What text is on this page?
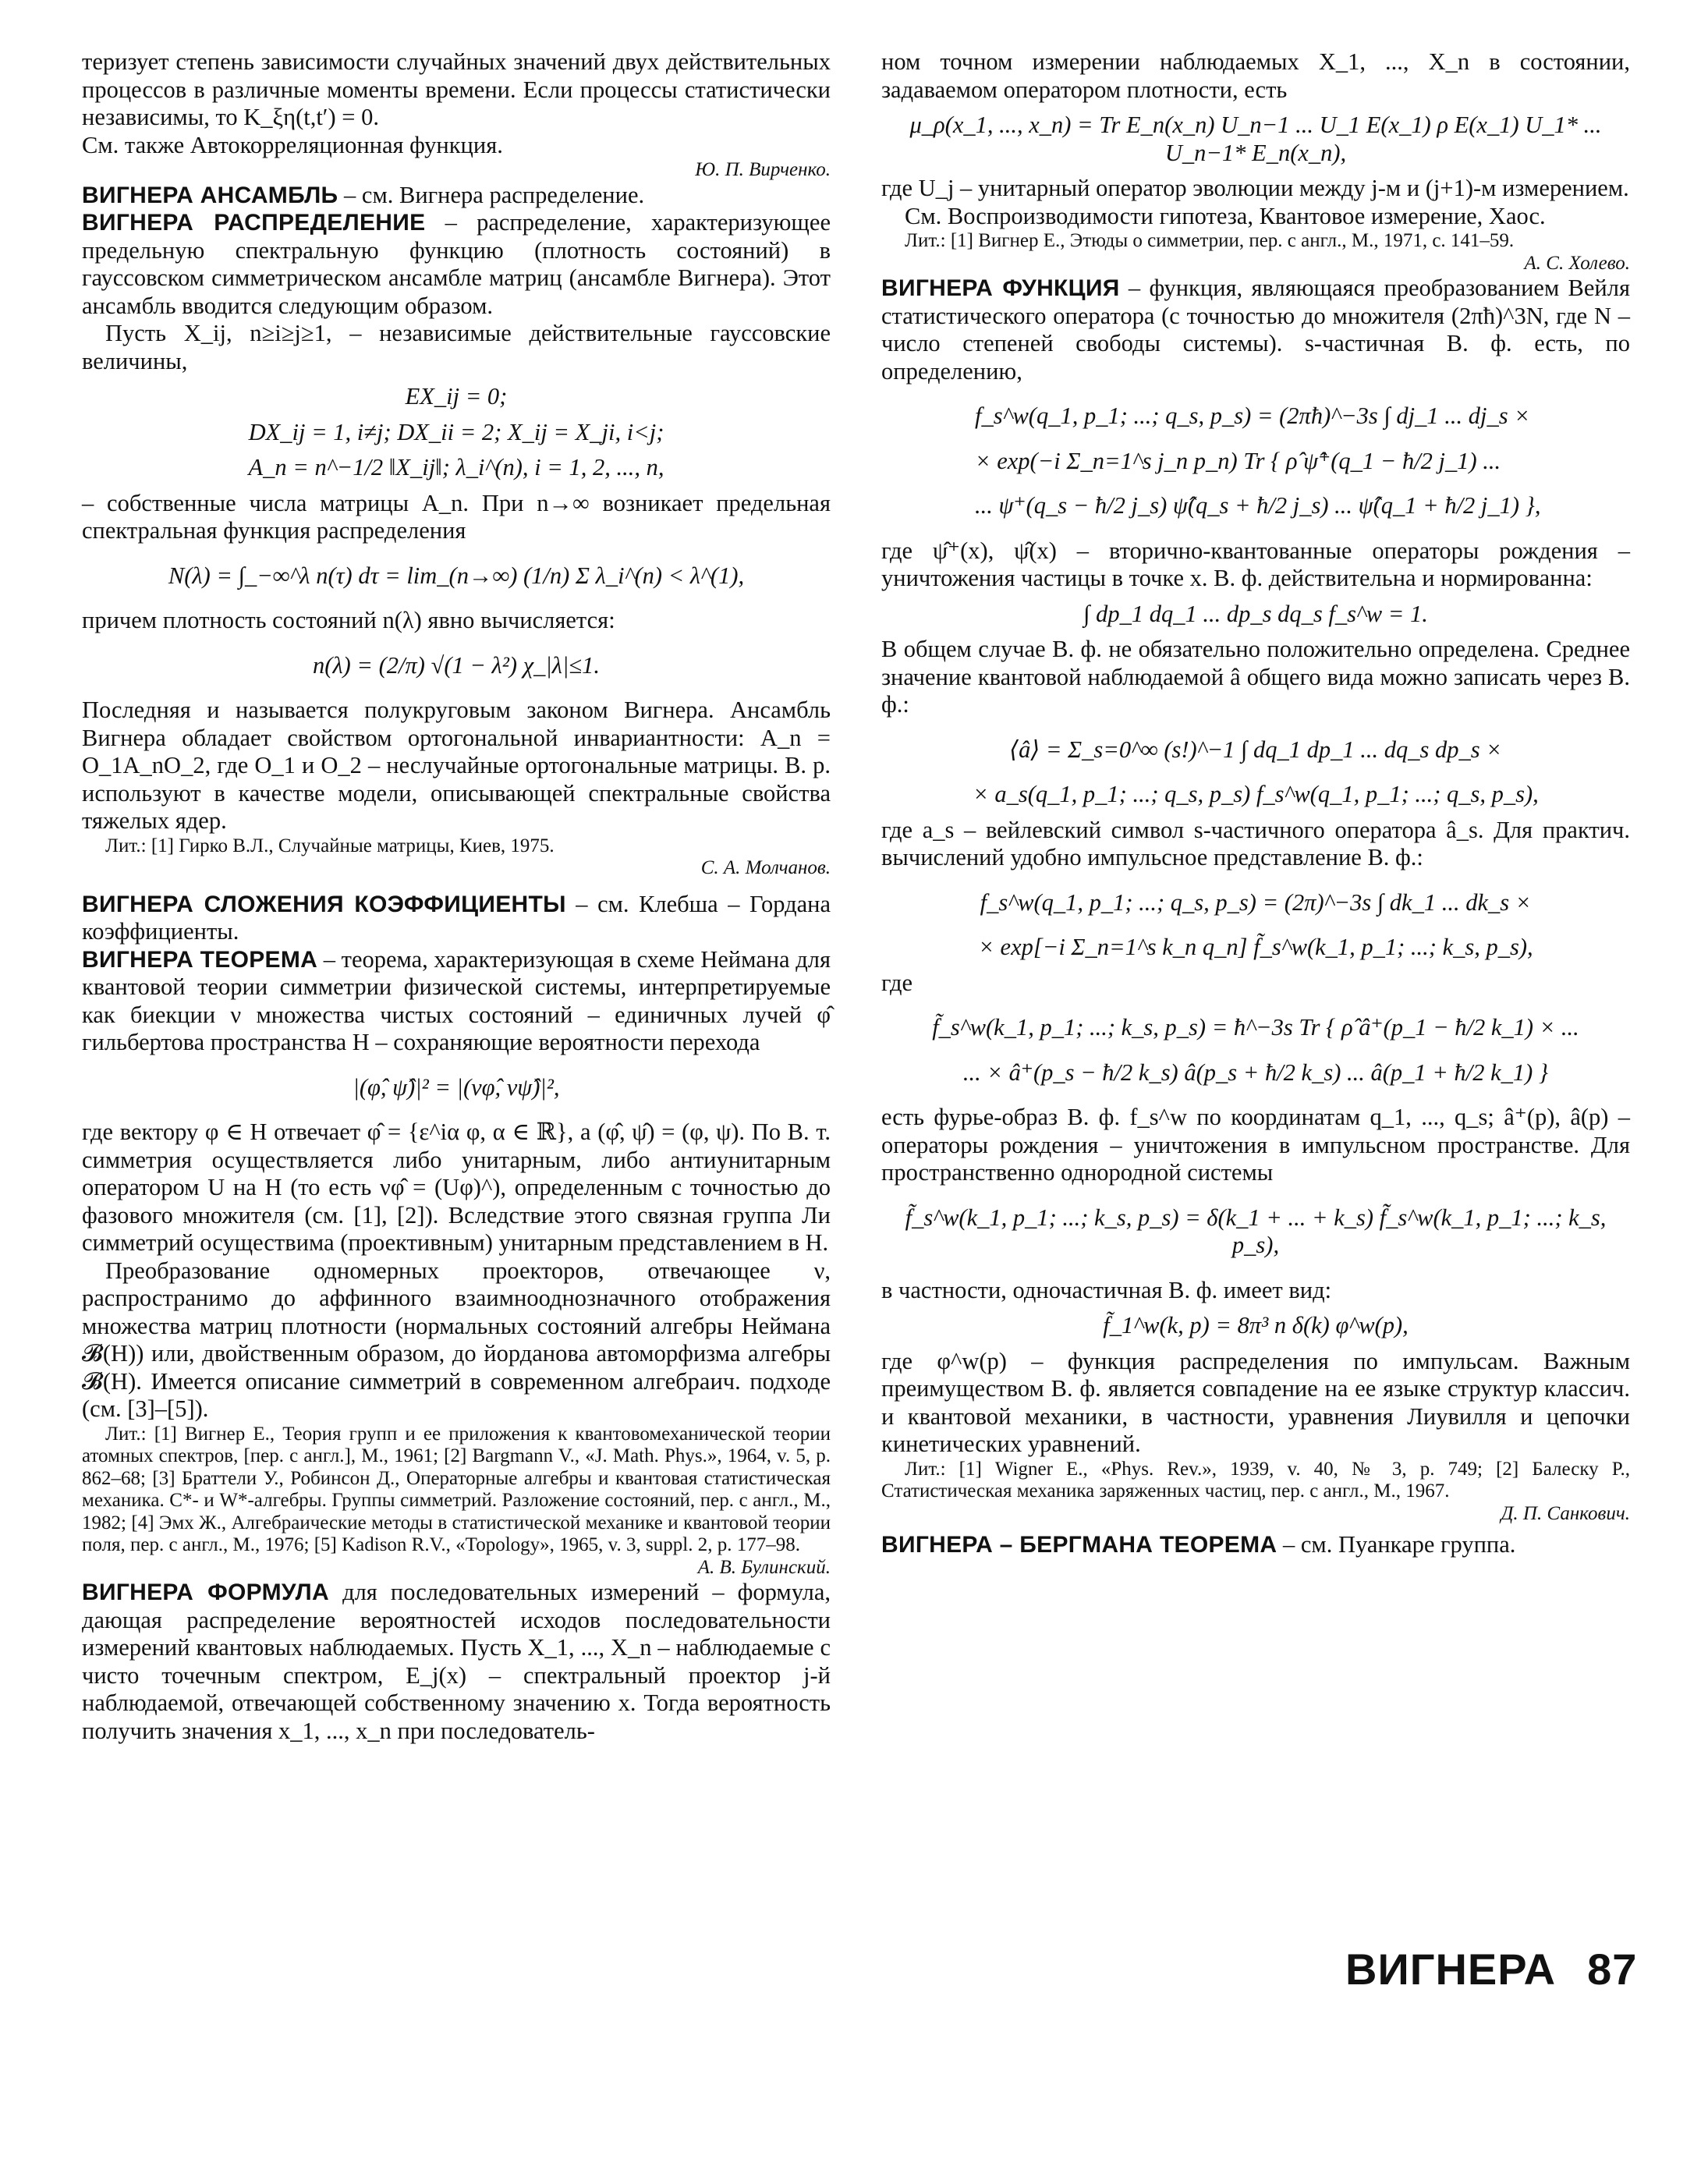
теризует степень зависимости случайных значений двух действительных процессов в различные моменты времени. Если процессы статистически независимы, то K_ξη(t,t′) = 0.

См. также Автокорреляционная функция.

Ю. П. Вирченко.

ВИГНЕРА АНСАМБЛЬ – см. Вигнера распределение.

ВИГНЕРА РАСПРЕДЕЛЕНИЕ – распределение, характеризующее предельную спектральную функцию (плотность состояний) в гауссовском симметрическом ансамбле матриц (ансамбле Вигнера). Этот ансамбль вводится следующим образом.

Пусть X_ij, n≥i≥j≥1, – независимые действительные гауссовские величины,

EX_ij = 0;

DX_ij = 1, i≠j; DX_ii = 2; X_ij = X_ji, i<j;

A_n = n^−1/2 ‖X_ij‖; λ_i^(n), i = 1, 2, ..., n,

– собственные числа матрицы A_n. При n→∞ возникает предельная спектральная функция распределения

N(λ) = ∫_−∞^λ n(τ) dτ = lim_(n→∞) (1/n) Σ λ_i^(n) < λ^(1),

причем плотность состояний n(λ) явно вычисляется:

n(λ) = (2/π) √(1 − λ²) χ_|λ|≤1.

Последняя и называется полукруговым законом Вигнера. Ансамбль Вигнера обладает свойством ортогональной инвариантности: A_n = O_1A_nO_2, где O_1 и O_2 – неслучайные ортогональные матрицы. В. р. используют в качестве модели, описывающей спектральные свойства тяжелых ядер.

Лит.: [1] Гирко В.Л., Случайные матрицы, Киев, 1975.

С. А. Молчанов.

ВИГНЕРА СЛОЖЕНИЯ КОЭФФИЦИЕНТЫ – см. Клебша – Гордана коэффициенты.

ВИГНЕРА ТЕОРЕМА – теорема, характеризующая в схеме Неймана для квантовой теории симметрии физической системы, интерпретируемые как биекции ν множества чистых состояний – единичных лучей φ̂ гильбертова пространства H – сохраняющие вероятности перехода

|(φ̂, ψ̂)|² = |(νφ̂, νψ̂)|²,

где вектору φ ∈ H отвечает φ̂ = {ε^iα φ, α ∈ ℝ}, а (φ̂, ψ̂) = (φ, ψ). По В. т. симметрия осуществляется либо унитарным, либо антиунитарным оператором U на H (то есть νφ̂ = (Uφ)^), определенным с точностью до фазового множителя (см. [1], [2]). Вследствие этого связная группа Ли симметрий осуществима (проективным) унитарным представлением в H.

Преобразование одномерных проекторов, отвечающее ν, распространимо до аффинного взаимнооднозначного отображения множества матриц плотности (нормальных состояний алгебры Неймана 𝓑(H)) или, двойственным образом, до йорданова автоморфизма алгебры 𝓑(H). Имеется описание симметрий в современном алгебраич. подходе (см. [3]–[5]).

Лит.: [1] Вигнер Е., Теория групп и ее приложения к квантовомеханической теории атомных спектров, [пер. с англ.], М., 1961; [2] Bargmann V., «J. Math. Phys.», 1964, v. 5, p. 862–68; [3] Браттели У., Робинсон Д., Операторные алгебры и квантовая статистическая механика. C*- и W*-алгебры. Группы симметрий. Разложение состояний, пер. с англ., М., 1982; [4] Эмх Ж., Алгебраические методы в статистической механике и квантовой теории поля, пер. с англ., М., 1976; [5] Kadison R.V., «Topology», 1965, v. 3, suppl. 2, p. 177–98.

А. В. Булинский.

ВИГНЕРА ФОРМУЛА для последовательных измерений – формула, дающая распределение вероятностей исходов последовательности измерений квантовых наблюдаемых. Пусть X_1, ..., X_n – наблюдаемые с чисто точечным спектром, E_j(x) – спектральный проектор j-й наблюдаемой, отвечающей собственному значению x. Тогда вероятность получить значения x_1, ..., x_n при последователь-

ном точном измерении наблюдаемых X_1, ..., X_n в состоянии, задаваемом оператором плотности, есть

μ_ρ(x_1, ..., x_n) = Tr E_n(x_n) U_n−1 ... U_1 E(x_1) ρ E(x_1) U_1* ... U_n−1* E_n(x_n),

где U_j – унитарный оператор эволюции между j-м и (j+1)-м измерением.

См. Воспроизводимости гипотеза, Квантовое измерение, Хаос.

Лит.: [1] Вигнер Е., Этюды о симметрии, пер. с англ., М., 1971, с. 141–59.

А. С. Холево.

ВИГНЕРА ФУНКЦИЯ – функция, являющаяся преобразованием Вейля статистического оператора (с точностью до множителя (2πħ)^3N, где N – число степеней свободы системы). s-частичная В. ф. есть, по определению,

f_s^w(q_1, p_1; ...; q_s, p_s) = (2πħ)^−3s ∫ dj_1 ... dj_s ×

× exp(−i Σ_n=1^s j_n p_n) Tr { ρ̂ ψ̂⁺(q_1 − ħ/2 j_1) ...

... ψ⁺(q_s − ħ/2 j_s) ψ̂(q_s + ħ/2 j_s) ... ψ̂(q_1 + ħ/2 j_1) },

где ψ̂⁺(x), ψ̂(x) – вторично-квантованные операторы рождения – уничтожения частицы в точке x. В. ф. действительна и нормированна:

∫ dp_1 dq_1 ... dp_s dq_s f_s^w = 1.

В общем случае В. ф. не обязательно положительно определена. Среднее значение квантовой наблюдаемой â общего вида можно записать через В. ф.:

⟨â⟩ = Σ_s=0^∞ (s!)^−1 ∫ dq_1 dp_1 ... dq_s dp_s ×

× a_s(q_1, p_1; ...; q_s, p_s) f_s^w(q_1, p_1; ...; q_s, p_s),

где a_s – вейлевский символ s-частичного оператора â_s. Для практич. вычислений удобно импульсное представление В. ф.:

f_s^w(q_1, p_1; ...; q_s, p_s) = (2π)^−3s ∫ dk_1 ... dk_s ×

× exp[−i Σ_n=1^s k_n q_n] f̃_s^w(k_1, p_1; ...; k_s, p_s),

где

f̃_s^w(k_1, p_1; ...; k_s, p_s) = ħ^−3s Tr { ρ̂ â⁺(p_1 − ħ/2 k_1) × ...

... × â⁺(p_s − ħ/2 k_s) â(p_s + ħ/2 k_s) ... â(p_1 + ħ/2 k_1) }

есть фурье-образ В. ф. f_s^w по координатам q_1, ..., q_s; â⁺(p), â(p) – операторы рождения – уничтожения в импульсном пространстве. Для пространственно однородной системы

f̃_s^w(k_1, p_1; ...; k_s, p_s) = δ(k_1 + ... + k_s) f̃̃_s^w(k_1, p_1; ...; k_s, p_s),

в частности, одночастичная В. ф. имеет вид:

f̃_1^w(k, p) = 8π³ n δ(k) φ^w(p),

где φ^w(p) – функция распределения по импульсам. Важным преимуществом В. ф. является совпадение на ее языке структур классич. и квантовой механики, в частности, уравнения Лиувилля и цепочки кинетических уравнений.

Лит.: [1] Wigner E., «Phys. Rev.», 1939, v. 40, № 3, p. 749; [2] Балеску Р., Статистическая механика заряженных частиц, пер. с англ., М., 1967.

Д. П. Санкович.

ВИГНЕРА – БЕРГМАНА ТЕОРЕМА – см. Пуанкаре группа.

ВИГНЕРА 87
